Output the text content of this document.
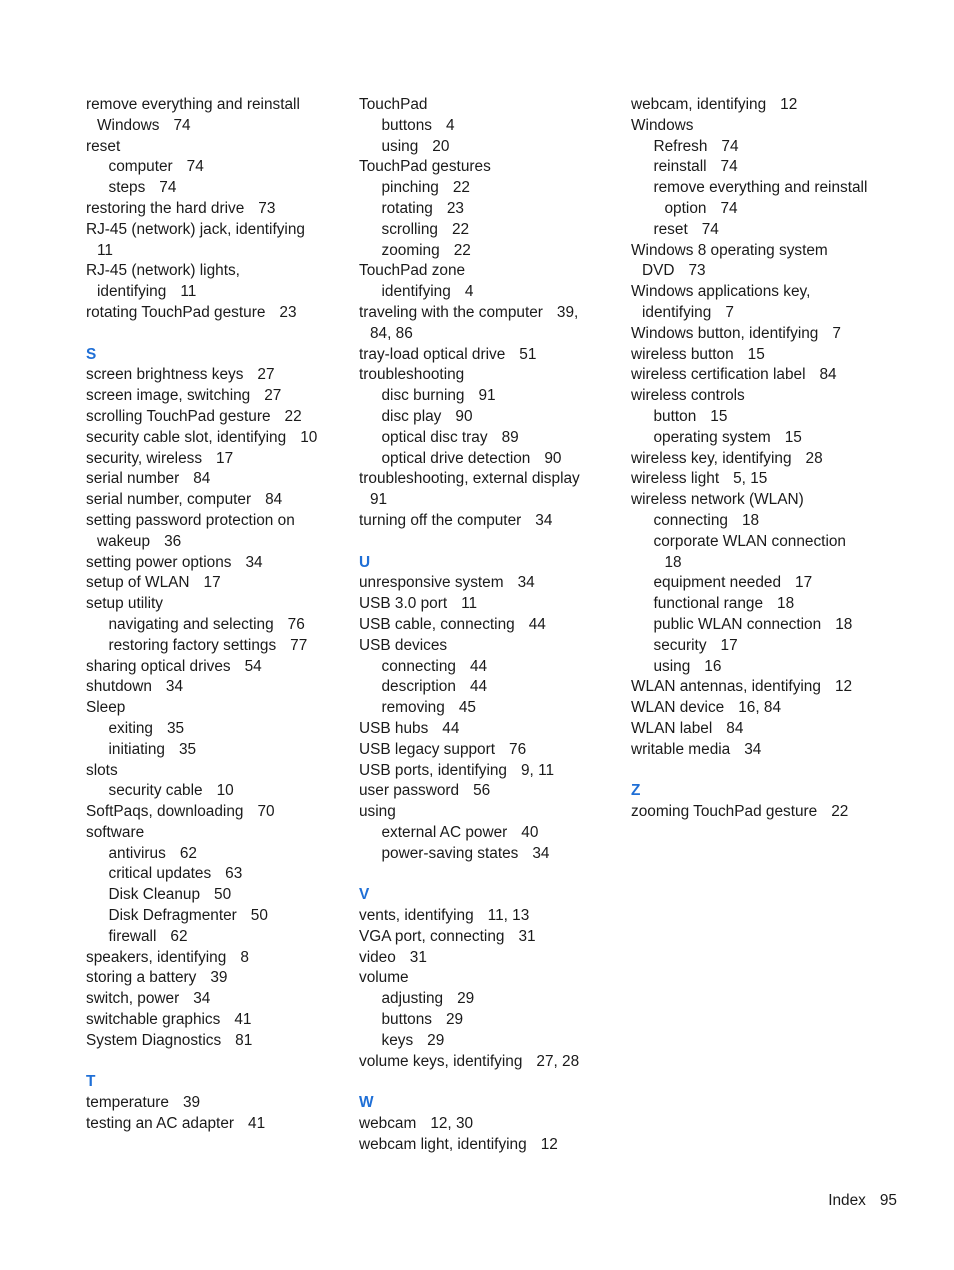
remove everything and reinstall
Windows 74
reset
computer 74
steps 74
restoring the hard drive 73
RJ-45 (network) jack, identifying
11
RJ-45 (network) lights,
identifying 11
rotating TouchPad gesture 23
S
screen brightness keys 27
screen image, switching 27
scrolling TouchPad gesture 22
security cable slot, identifying 10
security, wireless 17
serial number 84
serial number, computer 84
setting password protection on
wakeup 36
setting power options 34
setup of WLAN 17
setup utility
navigating and selecting 76
restoring factory settings 77
sharing optical drives 54
shutdown 34
Sleep
exiting 35
initiating 35
slots
security cable 10
SoftPaqs, downloading 70
software
antivirus 62
critical updates 63
Disk Cleanup 50
Disk Defragmenter 50
firewall 62
speakers, identifying 8
storing a battery 39
switch, power 34
switchable graphics 41
System Diagnostics 81
T
temperature 39
testing an AC adapter 41
TouchPad
buttons 4
using 20
TouchPad gestures
pinching 22
rotating 23
scrolling 22
zooming 22
TouchPad zone
identifying 4
traveling with the computer 39,
84, 86
tray-load optical drive 51
troubleshooting
disc burning 91
disc play 90
optical disc tray 89
optical drive detection 90
troubleshooting, external display
91
turning off the computer 34
U
unresponsive system 34
USB 3.0 port 11
USB cable, connecting 44
USB devices
connecting 44
description 44
removing 45
USB hubs 44
USB legacy support 76
USB ports, identifying 9, 11
user password 56
using
external AC power 40
power-saving states 34
V
vents, identifying 11, 13
VGA port, connecting 31
video 31
volume
adjusting 29
buttons 29
keys 29
volume keys, identifying 27, 28
W
webcam 12, 30
webcam light, identifying 12
webcam, identifying 12
Windows
Refresh 74
reinstall 74
remove everything and reinstall
option 74
reset 74
Windows 8 operating system
DVD 73
Windows applications key,
identifying 7
Windows button, identifying 7
wireless button 15
wireless certification label 84
wireless controls
button 15
operating system 15
wireless key, identifying 28
wireless light 5, 15
wireless network (WLAN)
connecting 18
corporate WLAN connection
18
equipment needed 17
functional range 18
public WLAN connection 18
security 17
using 16
WLAN antennas, identifying 12
WLAN device 16, 84
WLAN label 84
writable media 34
Z
zooming TouchPad gesture 22
Index 95
